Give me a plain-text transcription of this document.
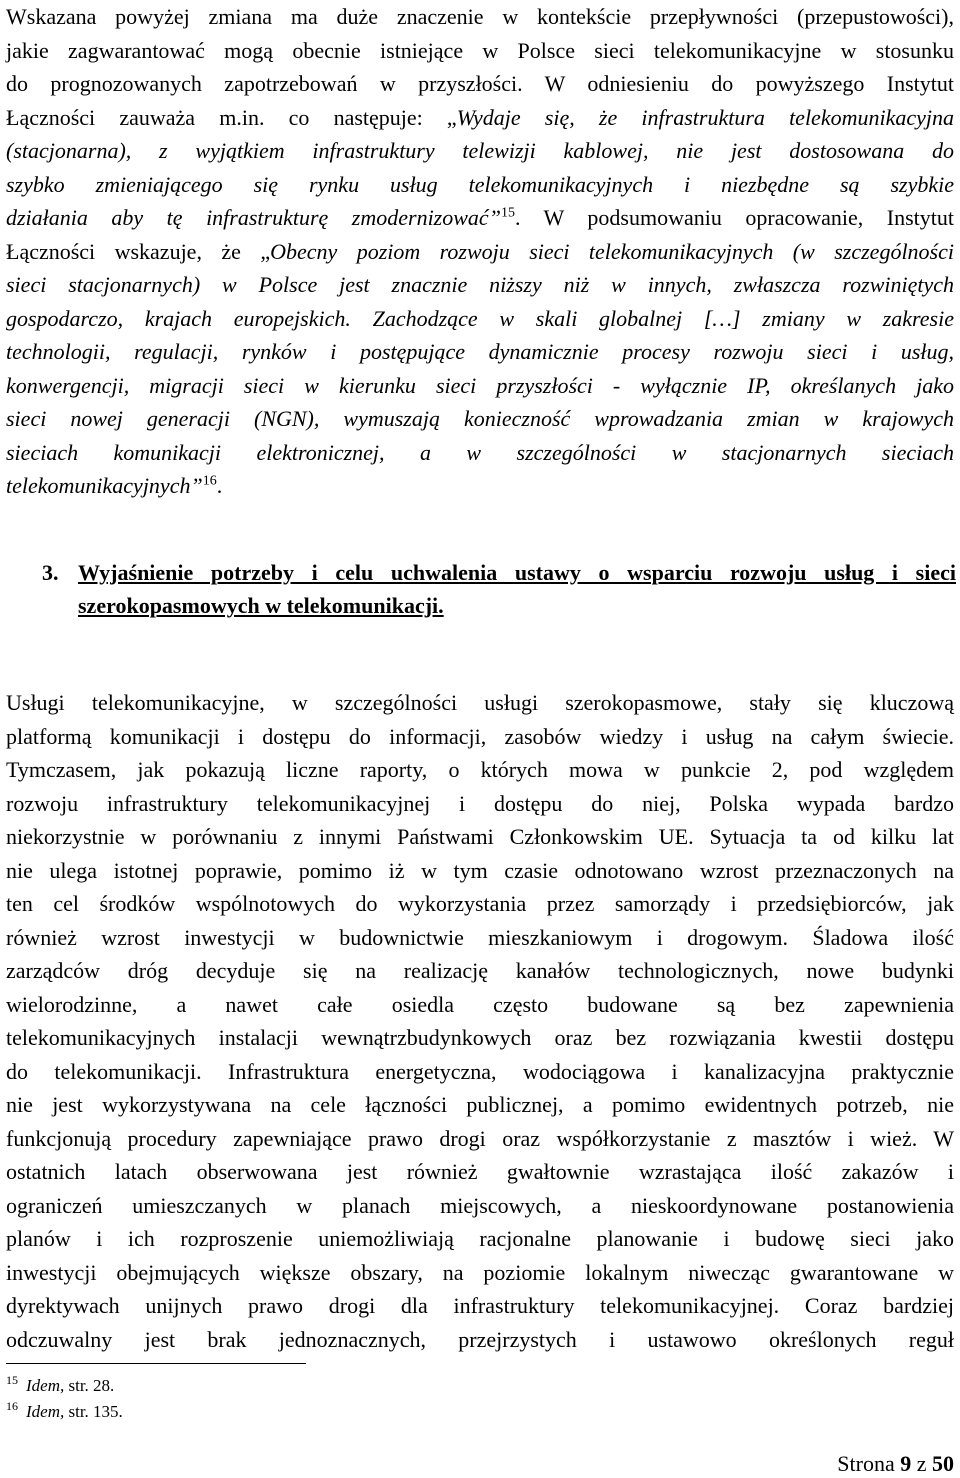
Wskazana powyżej zmiana ma duże znaczenie w kontekście przepływności (przepustowości),

jakie zagwarantować mogą obecnie istniejące w Polsce sieci telekomunikacyjne w stosunku

do prognozowanych zapotrzebowań w przyszłości. W odniesieniu do powyższego Instytut

Łączności zauważa m.in. co następuje: „Wydaje się, że infrastruktura telekomunikacyjna

(stacjonarna), z wyjątkiem infrastruktury telewizji kablowej, nie jest dostosowana do

szybko zmieniającego się rynku usług telekomunikacyjnych i niezbędne są szybkie

działania aby tę infrastrukturę zmodernizować”$^{15}$. W podsumowaniu opracowanie, Instytut

Łączności wskazuje, że „Obecny poziom rozwoju sieci telekomunikacyjnych (w szczególności

sieci stacjonarnych) w Polsce jest znacznie niższy niż w innych, zwłaszcza rozwiniętych

gospodarczo, krajach europejskich. Zachodzące w skali globalnej […] zmiany w zakresie

technologii, regulacji, rynków i postępujące dynamicznie procesy rozwoju sieci i usług,

konwergencji, migracji sieci w kierunku sieci przyszłości - wyłącznie IP, określanych jako

sieci nowej generacji (NGN), wymuszają konieczność wprowadzania zmian w krajowych

sieciach komunikacji elektronicznej, a w szczególności w stacjonarnych sieciach

telekomunikacyjnych”$^{16}$.

3. Wyjaśnienie potrzeby i celu uchwalenia ustawy o wsparciu rozwoju usług i sieci
szerokopasmowych w telekomunikacji.

Usługi telekomunikacyjne, w szczególności usługi szerokopasmowe, stały się kluczową

platformą komunikacji i dostępu do informacji, zasobów wiedzy i usług na całym świecie.

Tymczasem, jak pokazują liczne raporty, o których mowa w punkcie 2, pod względem

rozwoju infrastruktury telekomunikacyjnej i dostępu do niej, Polska wypada bardzo

niekorzystnie w porównaniu z innymi Państwami Członkowskim UE. Sytuacja ta od kilku lat

nie ulega istotnej poprawie, pomimo iż w tym czasie odnotowano wzrost przeznaczonych na

ten cel środków wspólnotowych do wykorzystania przez samorządy i przedsiębiorców, jak

również wzrost inwestycji w budownictwie mieszkaniowym i drogowym. Śladowa ilość

zarządców dróg decyduje się na realizację kanałów technologicznych, nowe budynki

wielorodzinne, a nawet całe osiedla często budowane są bez zapewnienia

telekomunikacyjnych instalacji wewnątrzbudynkowych oraz bez rozwiązania kwestii dostępu

do telekomunikacji. Infrastruktura energetyczna, wodociągowa i kanalizacyjna praktycznie

nie jest wykorzystywana na cele łączności publicznej, a pomimo ewidentnych potrzeb, nie

funkcjonują procedury zapewniające prawo drogi oraz współkorzystanie z masztów i wież. W

ostatnich latach obserwowana jest również gwałtownie wzrastająca ilość zakazów i

ograniczeń umieszczanych w planach miejscowych, a nieskoordynowane postanowienia

planów i ich rozproszenie uniemożliwiają racjonalne planowanie i budowę sieci jako

inwestycji obejmujących większe obszary, na poziomie lokalnym niwecząc gwarantowane w

dyrektywach unijnych prawo drogi dla infrastruktury telekomunikacyjnej. Coraz bardziej

odczuwalny jest brak jednoznacznych, przejrzystych i ustawowo określonych reguł

$^{15}$ Idem, str. 28.
$^{16}$ Idem, str. 135.
Strona 9 z 50
